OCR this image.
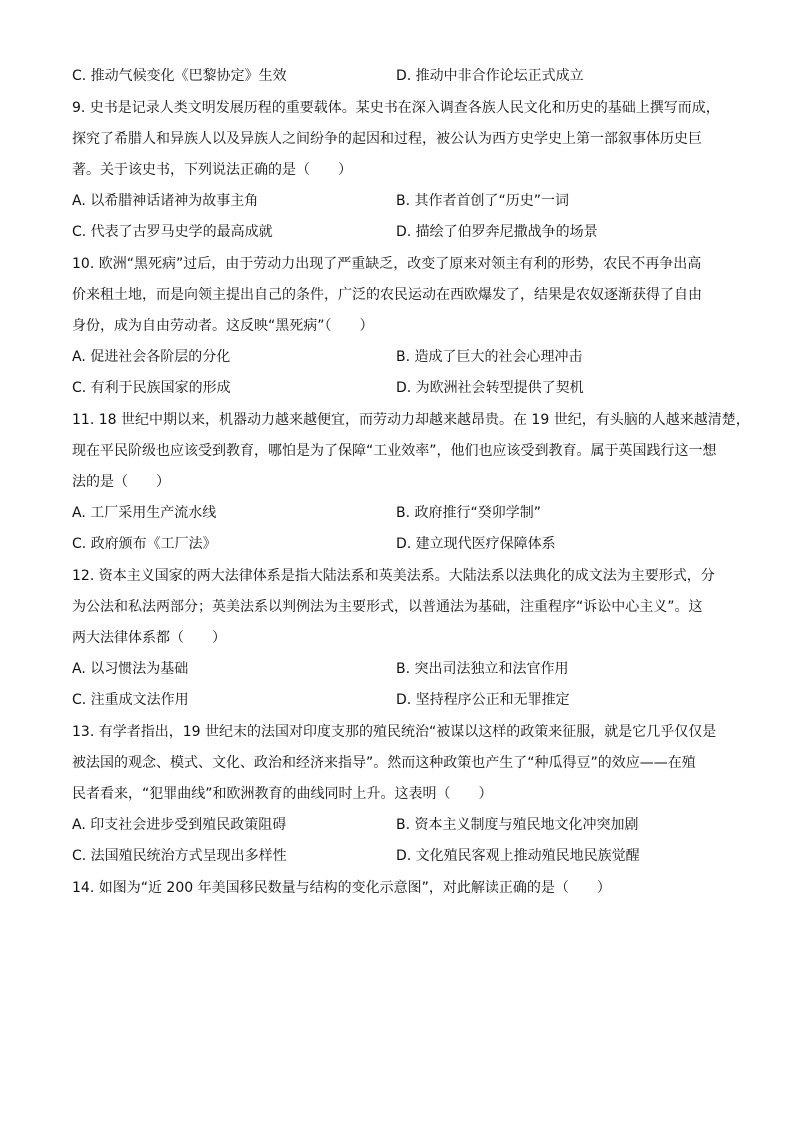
C. 推动气候变化《巴黎协定》生效	D. 推动中非合作论坛正式成立
9. 史书是记录人类文明发展历程的重要载体。某史书在深入调查各族人民文化和历史的基础上撰写而成，
探究了希腊人和异族人以及异族人之间纷争的起因和过程，被公认为西方史学史上第一部叙事体历史巨
著。关于该史书，下列说法正确的是（　　）
A. 以希腊神话诸神为故事主角	B. 其作者首创了“历史”一词
C. 代表了古罗马史学的最高成就	D. 描绘了伯罗奔尼撒战争的场景
10. 欧洲“黑死病”过后，由于劳动力出现了严重缺乏，改变了原来对领主有利的形势，农民不再争出高
价来租土地，而是向领主提出自己的条件，广泛的农民运动在西欧爆发了，结果是农奴逐渐获得了自由
身份，成为自由劳动者。这反映“黑死病”（　　）
A. 促进社会各阶层的分化	B. 造成了巨大的社会心理冲击
C. 有利于民族国家的形成	D. 为欧洲社会转型提供了契机
11. 18 世纪中期以来，机器动力越来越便宜，而劳动力却越来越昂贵。在 19 世纪，有头脑的人越来越清楚，
现在平民阶级也应该受到教育，哪怕是为了保障“工业效率”，他们也应该受到教育。属于英国践行这一想
法的是（　　）
A. 工厂采用生产流水线	B. 政府推行“癸卯学制”
C. 政府颁布《工厂法》	D. 建立现代医疗保障体系
12. 资本主义国家的两大法律体系是指大陆法系和英美法系。大陆法系以法典化的成文法为主要形式，分
为公法和私法两部分；英美法系以判例法为主要形式，以普通法为基础，注重程序“诉讼中心主义”。这
两大法律体系都（　　）
A. 以习惯法为基础	B. 突出司法独立和法官作用
C. 注重成文法作用	D. 坚持程序公正和无罪推定
13. 有学者指出，19 世纪末的法国对印度支那的殖民统治“被谋以这样的政策来征服，就是它几乎仅仅是
被法国的观念、模式、文化、政治和经济来指导”。然而这种政策也产生了“种瓜得豆”的效应——在殖
民者看来，“犯罪曲线”和欧洲教育的曲线同时上升。这表明（　　）
A. 印支社会进步受到殖民政策阻碍	B. 资本主义制度与殖民地文化冲突加剧
C. 法国殖民统治方式呈现出多样性	D. 文化殖民客观上推动殖民地民族觉醒
14. 如图为“近 200 年美国移民数量与结构的变化示意图”，对此解读正确的是（　　）
